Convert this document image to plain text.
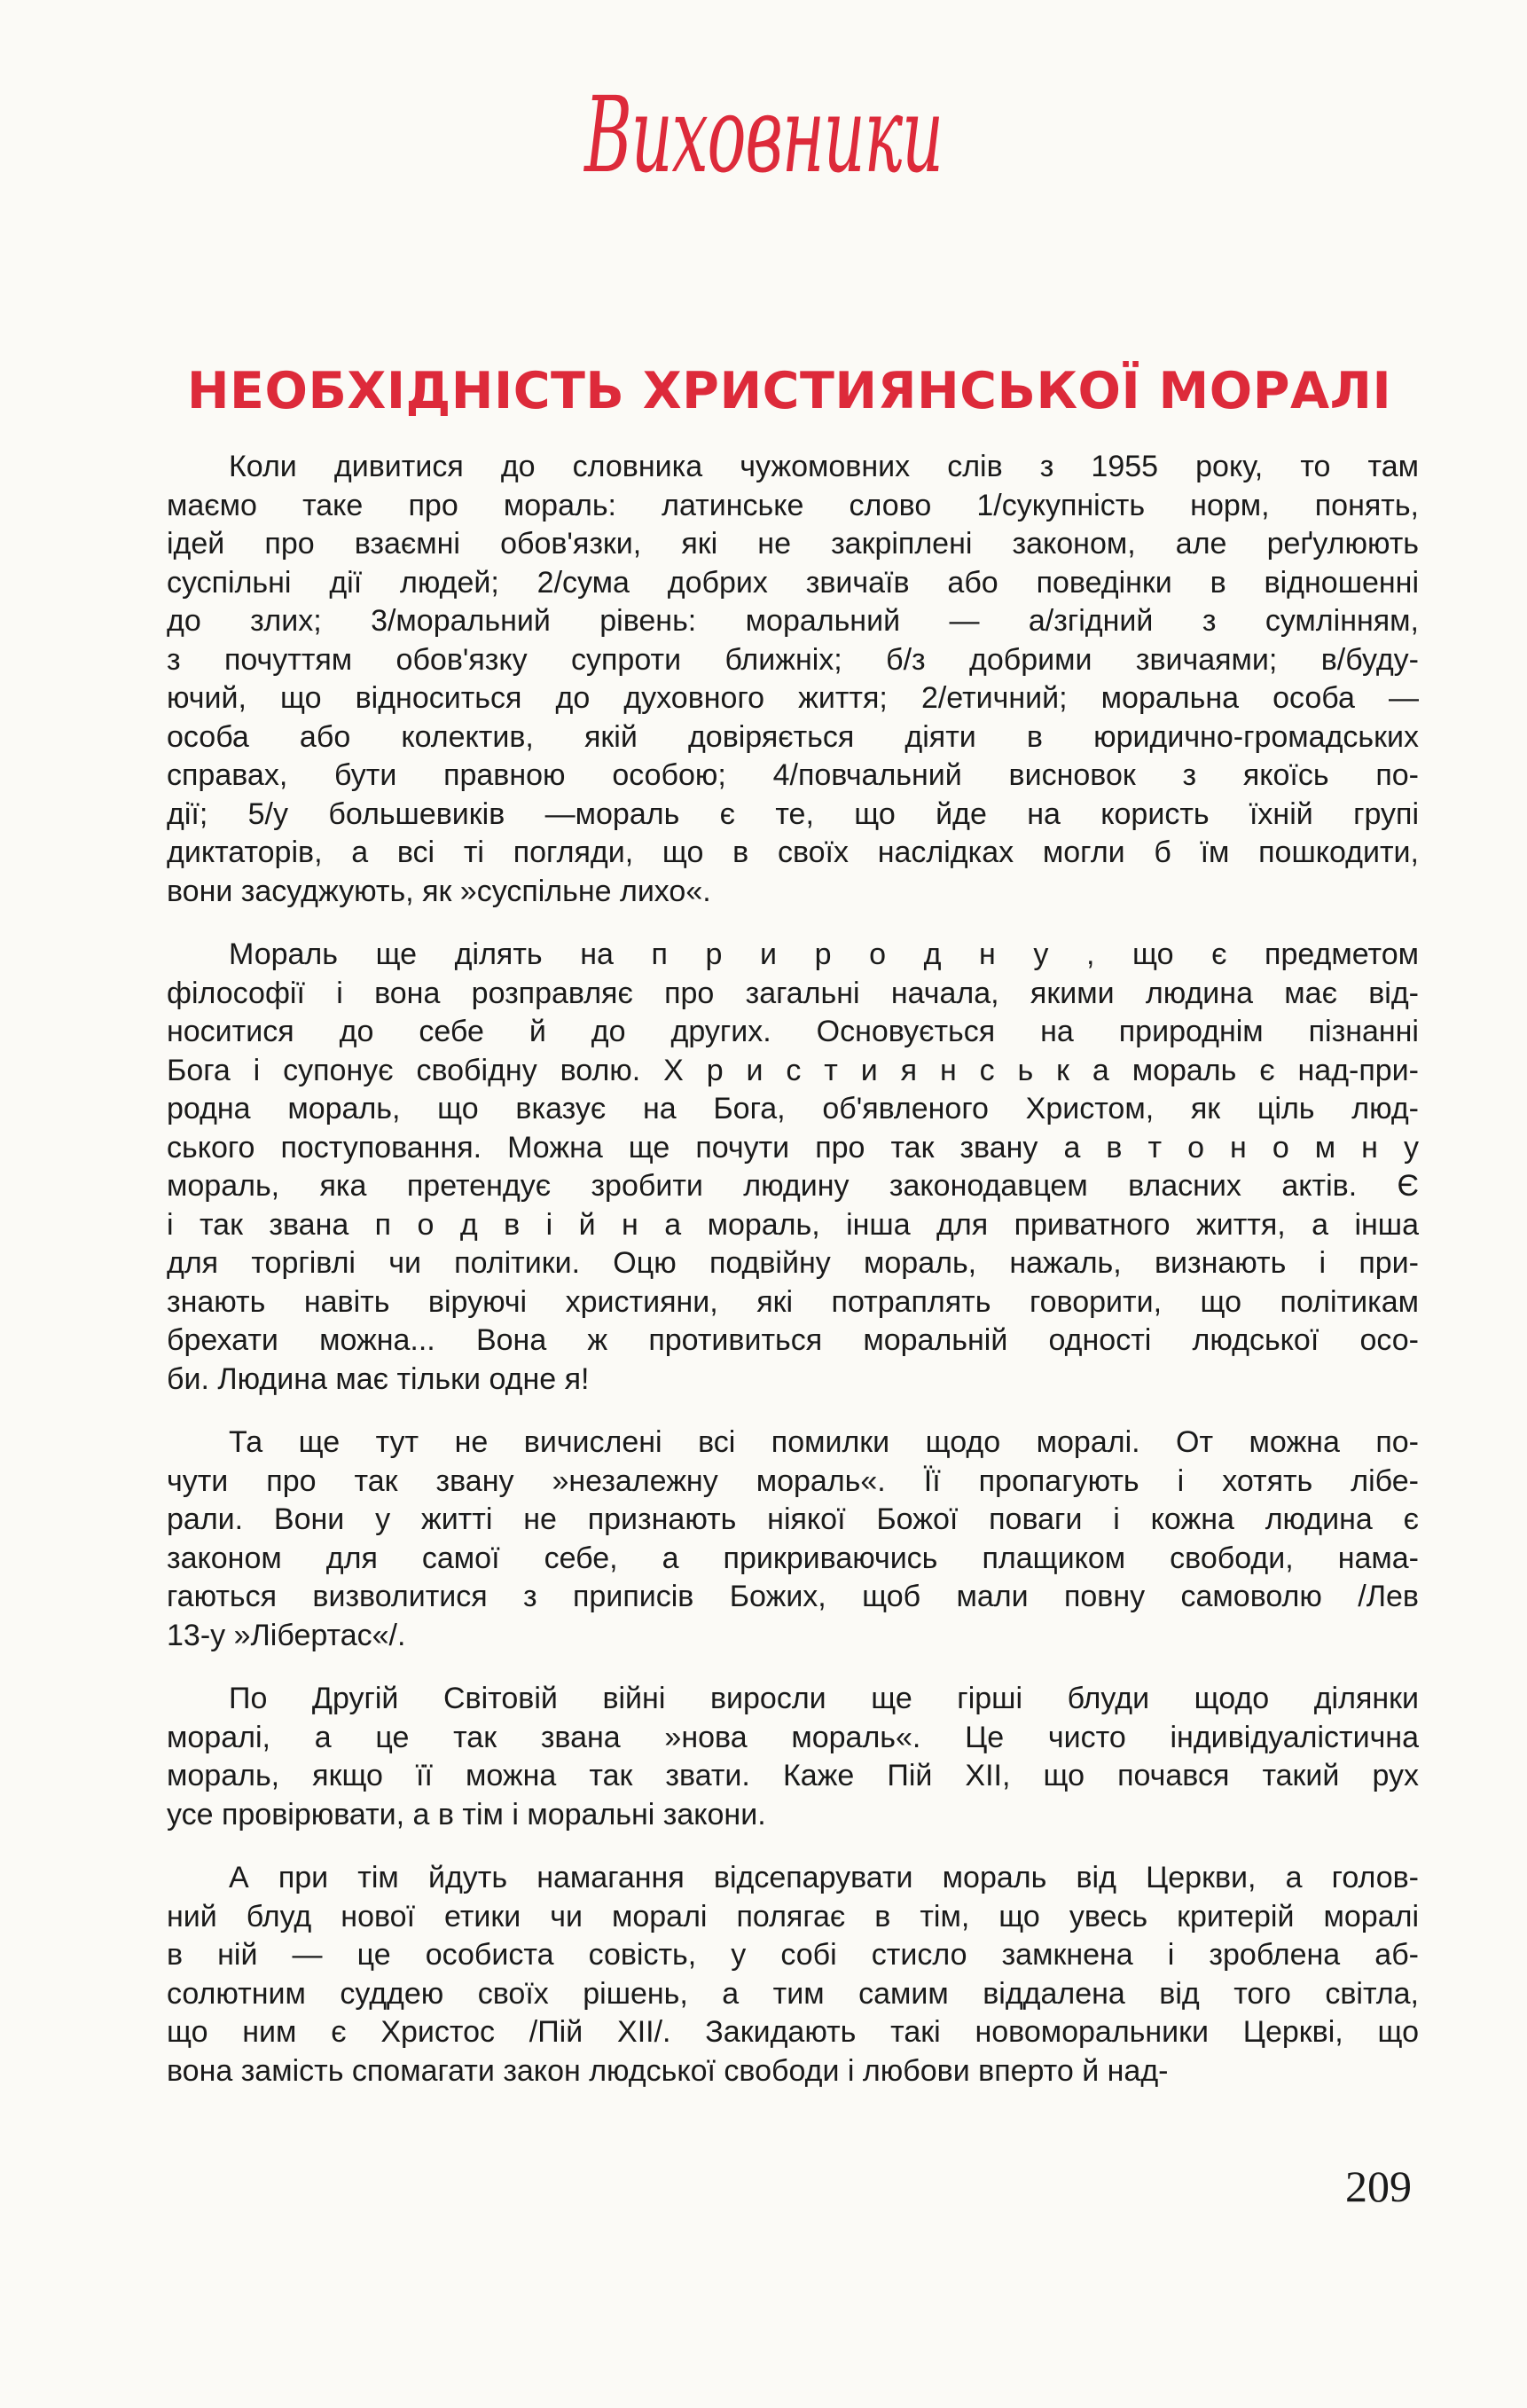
Виховники
НЕОБХІДНІСТЬ ХРИСТИЯНСЬКОЇ МОРАЛІ
Коли дивитися до словника чужомовних слів з 1955 року, то там
маємо таке про мораль: латинське слово 1/сукупність норм, понять,
ідей про взаємні обов'язки, які не закріплені законом, але реґулюють
суспільні дії людей; 2/сума добрих звичаїв або поведінки в відношенні
до злих; 3/моральний рівень: моральний — а/згідний з сумлінням,
з почуттям обов'язку супроти ближніх; б/з добрими звичаями; в/буду-
ючий, що відноситься до духовного життя; 2/етичний; моральна особа —
особа або колектив, якій довіряється діяти в юридично-громадських
справах, бути правною особою; 4/повчальний висновок з якоїсь по-
дії; 5/у большевиків —мораль є те, що йде на користь їхній групі
диктаторів, а всі ті погляди, що в своїх наслідках могли б їм пошкодити,
вони засуджують, як »суспільне лихо«.
Мораль ще ділять на п р и р о д н у , що є предметом
філософії і вона розправляє про загальні начала, якими людина має від-
носитися до себе й до других. Основується на природнім пізнанні
Бога і супонує свобідну волю. Х р и с т и я н с ь к а мораль є над-при-
родна мораль, що вказує на Бога, об'явленого Христом, як ціль люд-
ського поступовання. Можна ще почути про так звану а в т о н о м н у
мораль, яка претендує зробити людину законодавцем власних актів. Є
і так звана п о д в і й н а мораль, інша для приватного життя, а інша
для торгівлі чи політики. Оцю подвійну мораль, нажаль, визнають і при-
знають навіть віруючі християни, які потраплять говорити, що політикам
брехати можна... Вона ж противиться моральній одності людської осо-
би. Людина має тільки одне я!
Та ще тут не вичислені всі помилки щодо моралі. От можна по-
чути про так звану »незалежну мораль«. Її пропагують і хотять лібе-
рали. Вони у житті не признають ніякої Божої поваги і кожна людина є
законом для самої себе, а прикриваючись плащиком свободи, нама-
гаються визволитися з приписів Божих, щоб мали повну самоволю /Лев
13-у »Лібертас«/.
По Другій Світовій війні виросли ще гірші блуди щодо ділянки
моралі, а це так звана »нова мораль«. Це чисто індивідуалістична
мораль, якщо її можна так звати. Каже Пій XII, що почався такий рух
усе провірювати, а в тім і моральні закони.
А при тім йдуть намагання відсепарувати мораль від Церкви, а голов-
ний блуд нової етики чи моралі полягає в тім, що увесь критерій моралі
в ній — це особиста совість, у собі стисло замкнена і зроблена аб-
солютним суддею своїх рішень, а тим самим віддалена від того світла,
що ним є Христос /Пій XII/. Закидають такі новоморальники Церкві, що
вона замість спомагати закон людської свободи і любови вперто й над-
209
